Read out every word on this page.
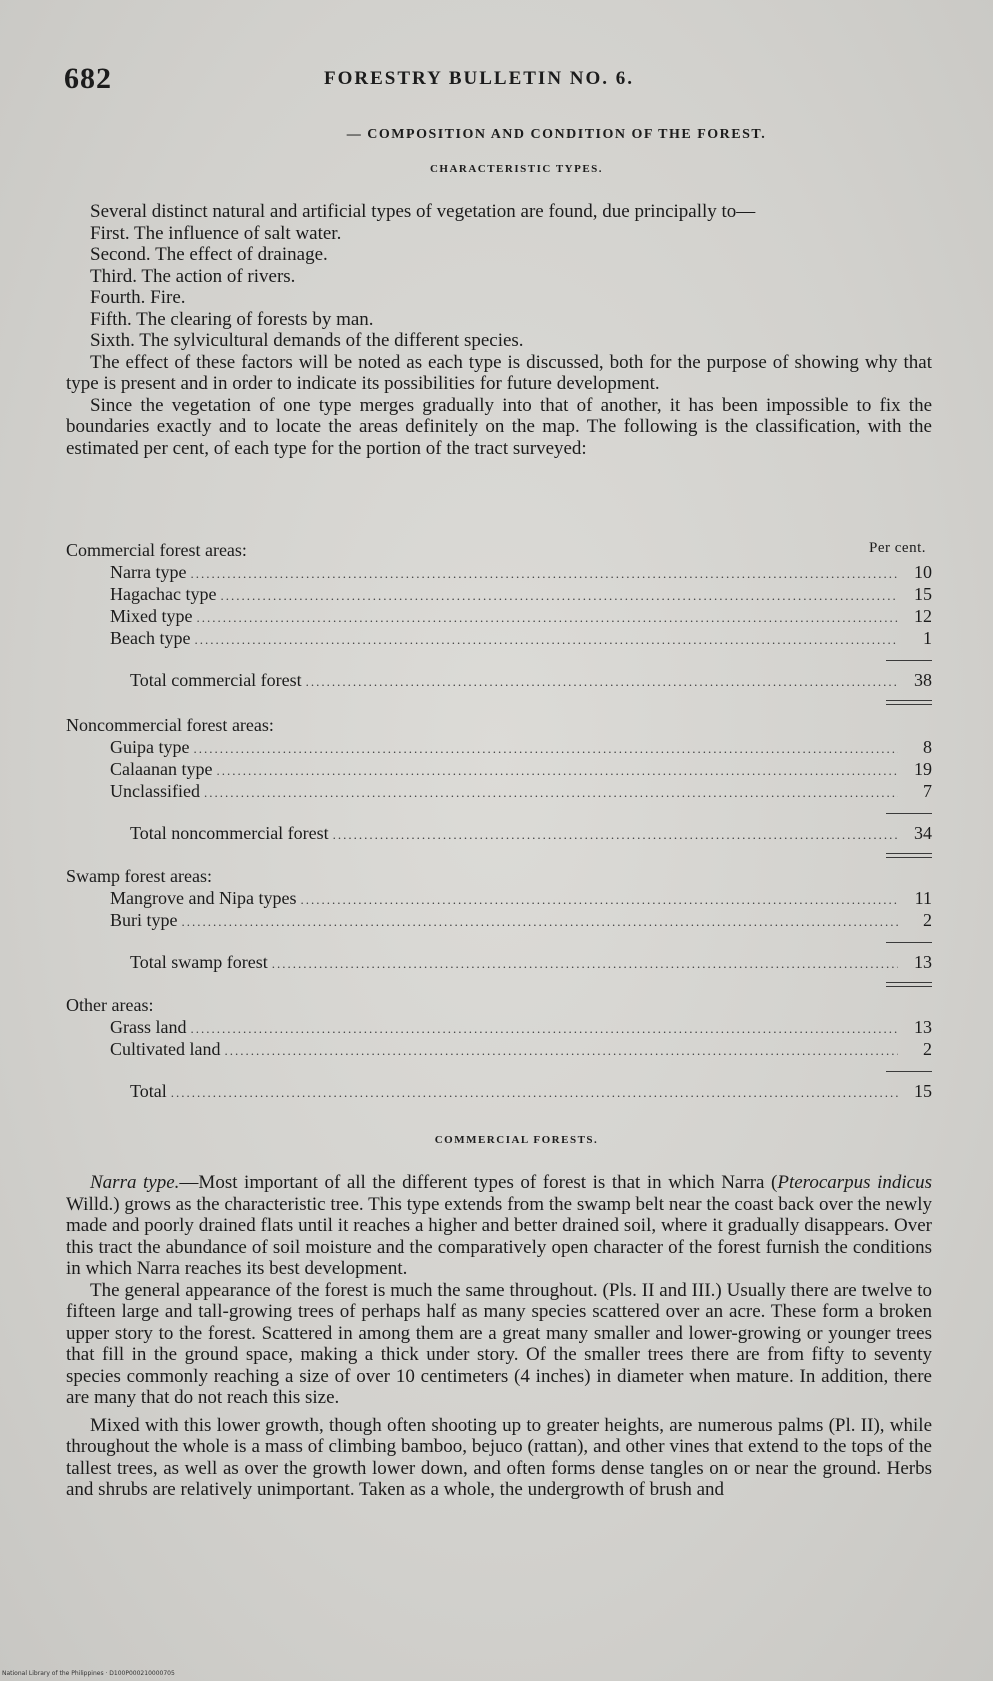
682	FORESTRY BULLETIN NO. 6.
— COMPOSITION AND CONDITION OF THE FOREST.
CHARACTERISTIC TYPES.

Several distinct natural and artificial types of vegetation are found, due principally to—

First. The influence of salt water.

Second. The effect of drainage.

Third. The action of rivers.

Fourth. Fire.

Fifth. The clearing of forests by man.

Sixth. The sylvicultural demands of the different species.

The effect of these factors will be noted as each type is discussed, both for the purpose of showing why that type is present and in order to indicate its possibilities for future development.

Since the vegetation of one type merges gradually into that of another, it has been impossible to fix the boundaries exactly and to locate the areas definitely on the map. The following is the classification, with the estimated per cent, of each type for the portion of the tract surveyed:

Per cent.
Commercial forest areas:
Narra type .....	10
Hagachac type .....	15
Mixed type .....	12
Beach type .....	1
Total commercial forest .....	38
Noncommercial forest areas:
Guipa type .....	8
Calaanan type .....	19
Unclassified .....	7
Total noncommercial forest .....	34
Swamp forest areas:
Mangrove and Nipa types .....	11
Buri type .....	2
Total swamp forest .....	13
Other areas:
Grass land .....	13
Cultivated land .....	2
Total .....	15
COMMERCIAL FORESTS.

Narra type.—Most important of all the different types of forest is that in which Narra (Pterocarpus indicus Willd.) grows as the characteristic tree. This type extends from the swamp belt near the coast back over the newly made and poorly drained flats until it reaches a higher and better drained soil, where it gradually disappears. Over this tract the abundance of soil moisture and the comparatively open character of the forest furnish the conditions in which Narra reaches its best development.

The general appearance of the forest is much the same throughout. (Pls. II and III.) Usually there are twelve to fifteen large and tall-growing trees of perhaps half as many species scattered over an acre. These form a broken upper story to the forest. Scattered in among them are a great many smaller and lower-growing or younger trees that fill in the ground space, making a thick under story. Of the smaller trees there are from fifty to seventy species commonly reaching a size of over 10 centimeters (4 inches) in diameter when mature. In addition, there are many that do not reach this size.

Mixed with this lower growth, though often shooting up to greater heights, are numerous palms (Pl. II), while throughout the whole is a mass of climbing bamboo, bejuco (rattan), and other vines that extend to the tops of the tallest trees, as well as over the growth lower down, and often forms dense tangles on or near the ground. Herbs and shrubs are relatively unimportant. Taken as a whole, the undergrowth of brush and

National Library of the Philippines · D100P000210000705
